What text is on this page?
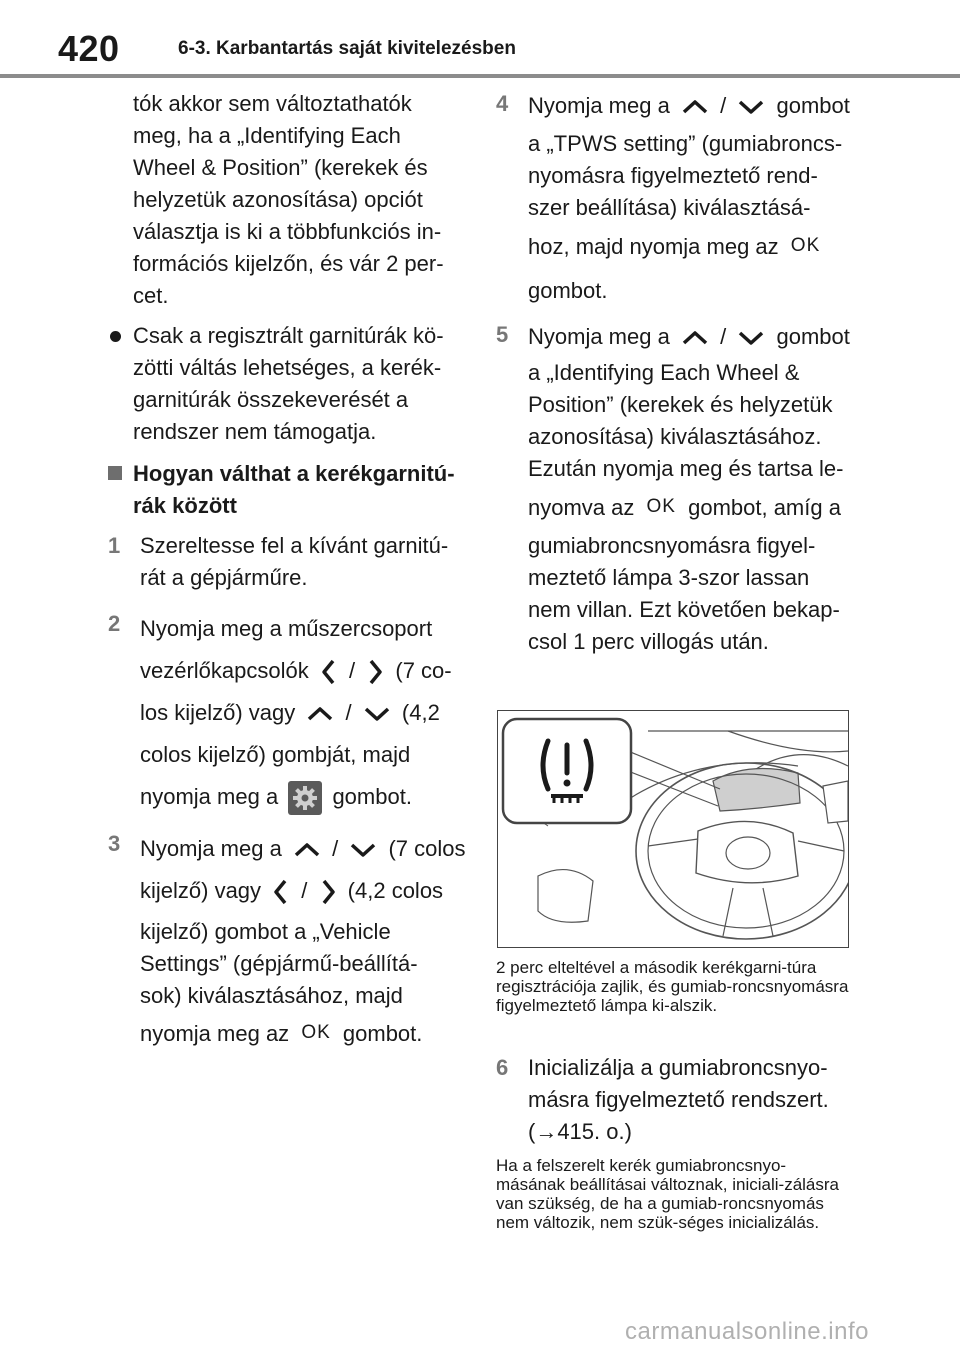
420	6-3. Karbantartás saját kivitelezésben
tók akkor sem változtathatók
meg, ha a „Identifying Each
Wheel & Position” (kerekek és
helyzetük azonosítása) opciót
választja is ki a többfunkciós in-
formációs kijelzőn, és vár 2 per-
cet.
Csak a regisztrált garnitúrák kö-
zötti váltás lehetséges, a kerék-
garnitúrák összekeverését a
rendszer nem támogatja.
Hogyan válthat a kerékgarnitú-
rák között
1 Szereltesse fel a kívánt garnitú-
rát a gépjárműre.
2 Nyomja meg a műszercsoport
vezérlőkapcsolók / (7 co-
los kijelző) vagy / (4,2
colos kijelző) gombját, majd
nyomja meg a gombot.
3 Nyomja meg a / (7 colos
kijelző) vagy / (4,2 colos
kijelző) gombot a „Vehicle
Settings” (gépjármű-beállítá-
sok) kiválasztásához, majd
nyomja meg az OK gombot.
4 Nyomja meg a / gombot
a „TPWS setting” (gumiabroncs-
nyomásra figyelmeztető rend-
szer beállítása) kiválasztásá-
hoz, majd nyomja meg az OK
gombot.
5 Nyomja meg a / gombot
a „Identifying Each Wheel &
Position” (kerekek és helyzetük
azonosítása) kiválasztásához.
Ezután nyomja meg és tartsa le-
nyomva az OK gombot, amíg a
gumiabroncsnyomásra figyel-
meztető lámpa 3-szor lassan
nem villan. Ezt követően bekap-
csol 1 perc villogás után.

2 perc elteltével a második kerékgarni-túra regisztrációja zajlik, és gumiab-roncsnyomásra figyelmeztető lámpa ki-alszik.

6 Inicializálja a gumiabroncsnyo-
másra figyelmeztető rendszert.
(→415. o.)

Ha a felszerelt kerék gumiabroncsnyo-másának beállításai változnak, iniciali-zálásra van szükség, de ha a gumiab-roncsnyomás nem változik, nem szük-séges inicializálás.

carmanualsonline.info
